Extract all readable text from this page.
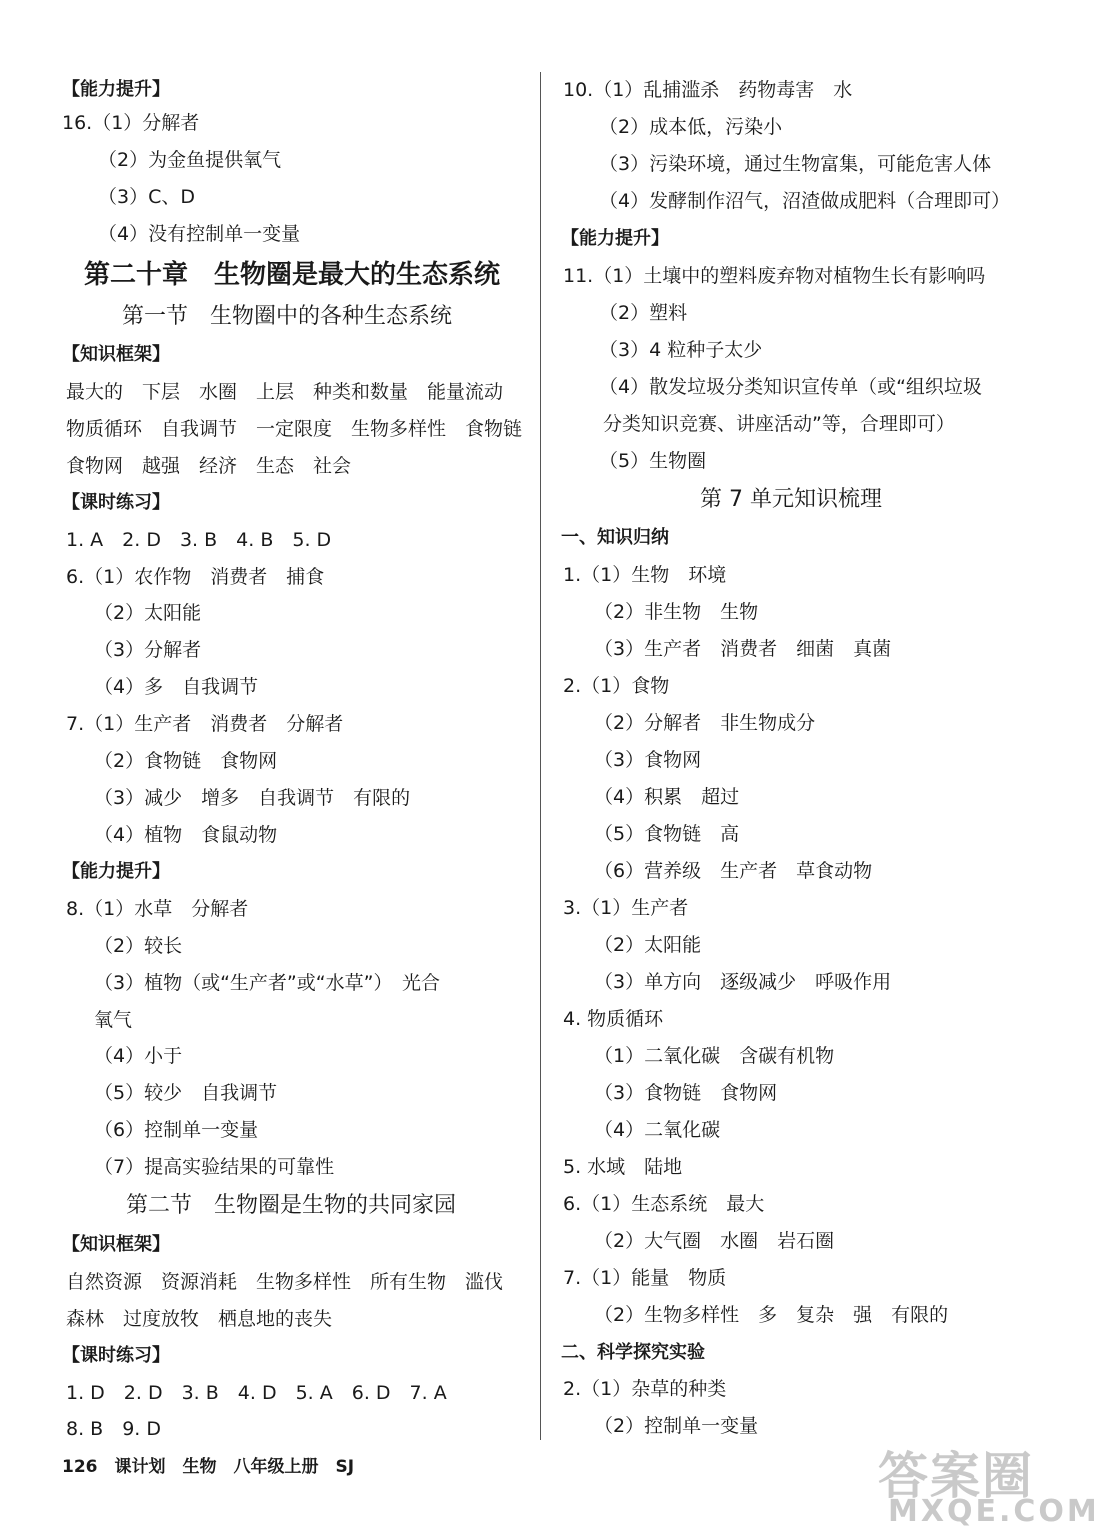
【能力提升】
16.（1）分解者
（2）为金鱼提供氧气
（3）C、D
（4）没有控制单一变量
第二十章　生物圈是最大的生态系统
第一节　生物圈中的各种生态系统
【知识框架】
最大的　下层　水圈　上层　种类和数量　能量流动
物质循环　自我调节　一定限度　生物多样性　食物链
食物网　越强　经济　生态　社会
【课时练习】
1. A　2. D　3. B　4. B　5. D
6.（1）农作物　消费者　捕食
（2）太阳能
（3）分解者
（4）多　自我调节
7.（1）生产者　消费者　分解者
（2）食物链　食物网
（3）减少　增多　自我调节　有限的
（4）植物　食鼠动物
【能力提升】
8.（1）水草　分解者
（2）较长
（3）植物（或“生产者”或“水草”）　光合
氧气
（4）小于
（5）较少　自我调节
（6）控制单一变量
（7）提高实验结果的可靠性
第二节　生物圈是生物的共同家园
【知识框架】
自然资源　资源消耗　生物多样性　所有生物　滥伐
森林　过度放牧　栖息地的丧失
【课时练习】
1. D　2. D　3. B　4. D　5. A　6. D　7. A
8. B　9. D
10.（1）乱捕滥杀　药物毒害　水
（2）成本低，污染小
（3）污染环境，通过生物富集，可能危害人体
（4）发酵制作沼气，沼渣做成肥料（合理即可）
【能力提升】
11.（1）土壤中的塑料废弃物对植物生长有影响吗
（2）塑料
（3）4 粒种子太少
（4）散发垃圾分类知识宣传单（或“组织垃圾
分类知识竞赛、讲座活动”等，合理即可）
（5）生物圈
第 7 单元知识梳理
一、知识归纳
1.（1）生物　环境
（2）非生物　生物
（3）生产者　消费者　细菌　真菌
2.（1）食物
（2）分解者　非生物成分
（3）食物网
（4）积累　超过
（5）食物链　高
（6）营养级　生产者　草食动物
3.（1）生产者
（2）太阳能
（3）单方向　逐级减少　呼吸作用
4. 物质循环
（1）二氧化碳　含碳有机物
（3）食物链　食物网
（4）二氧化碳
5. 水域　陆地
6.（1）生态系统　最大
（2）大气圈　水圈　岩石圈
7.（1）能量　物质
（2）生物多样性　多　复杂　强　有限的
二、科学探究实验
2.（1）杂草的种类
（2）控制单一变量
126　课计划　生物　八年级上册　SJ	答案圈
MXQE.COM
